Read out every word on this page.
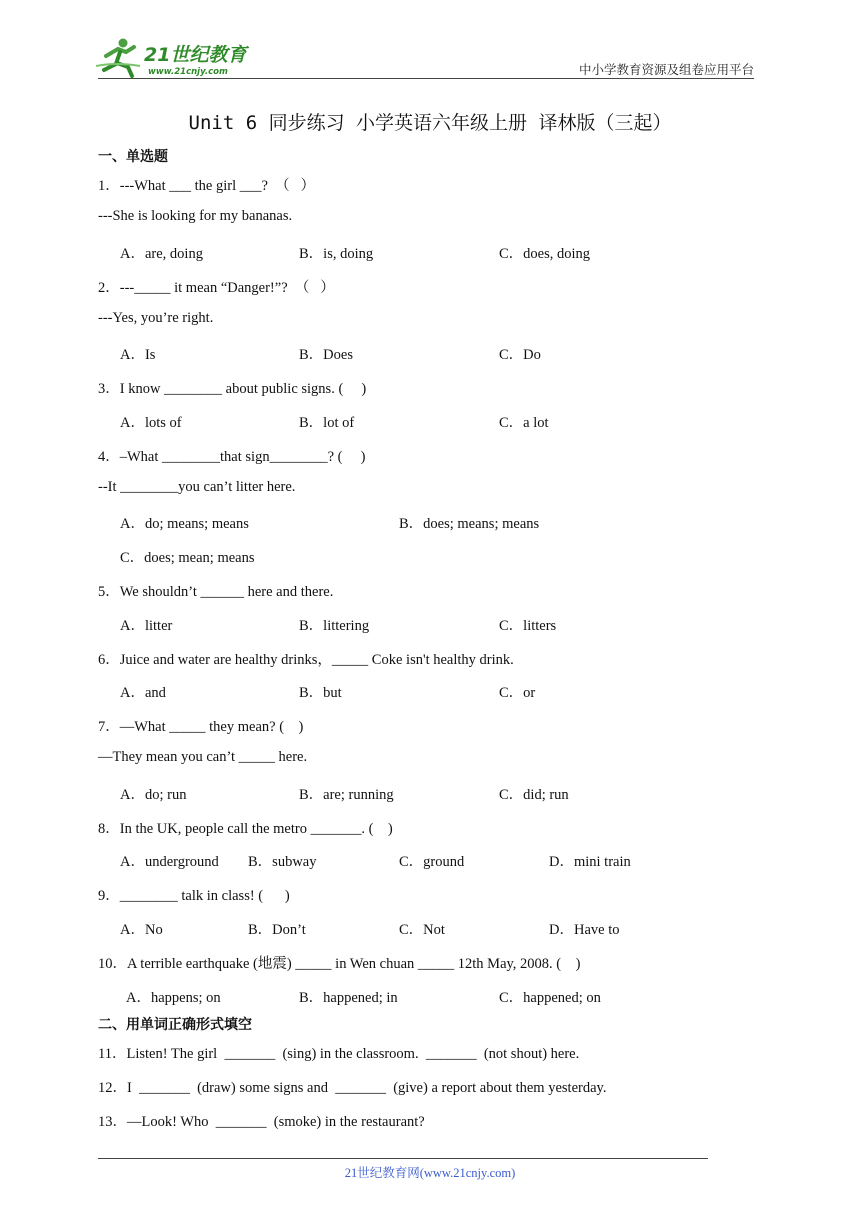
21世纪教育
www.21cnjy.com	中小学教育资源及组卷应用平台
Unit 6 同步练习 小学英语六年级上册 译林版（三起）
一、单选题
1．---What ___ the girl ___?  （   ）
---She is looking for my bananas.
A．are, doing	B．is, doing	C．does, doing
2．---_____ it mean “Danger!”?  （   ）
---Yes, you’re right.
A．Is	B．Does	C．Do
3．I know ________ about public signs. (     )
A．lots of	B．lot of	C．a lot
4．–What ________that sign________? (     )
--It ________you can’t litter here.
A．do; means; means	B．does; means; means
C．does; mean; means
5．We shouldn’t ______ here and there.
A．litter	B．littering	C．litters
6．Juice and water are healthy drinks，_____ Coke isn't healthy drink.
A．and	B．but	C．or
7．—What _____ they mean? (    )
—They mean you can’t _____ here.
A．do; run	B．are; running	C．did; run
8．In the UK, people call the metro _______. (    )
A．underground B．subway	C．ground	D．mini train
9．________ talk in class! (      )
A．No	B．Don’t	C．Not	D．Have to
10．A terrible earthquake (地震) _____ in Wen chuan _____ 12th May, 2008. (    )
A．happens; on	B．happened; in	C．happened; on
二、用单词正确形式填空
11．Listen! The girl  _______  (sing) in the classroom.  _______  (not shout) here.
12．I  _______  (draw) some signs and  _______  (give) a report about them yesterday.
13．—Look! Who  _______  (smoke) in the restaurant?
21世纪教育网(www.21cnjy.com)
